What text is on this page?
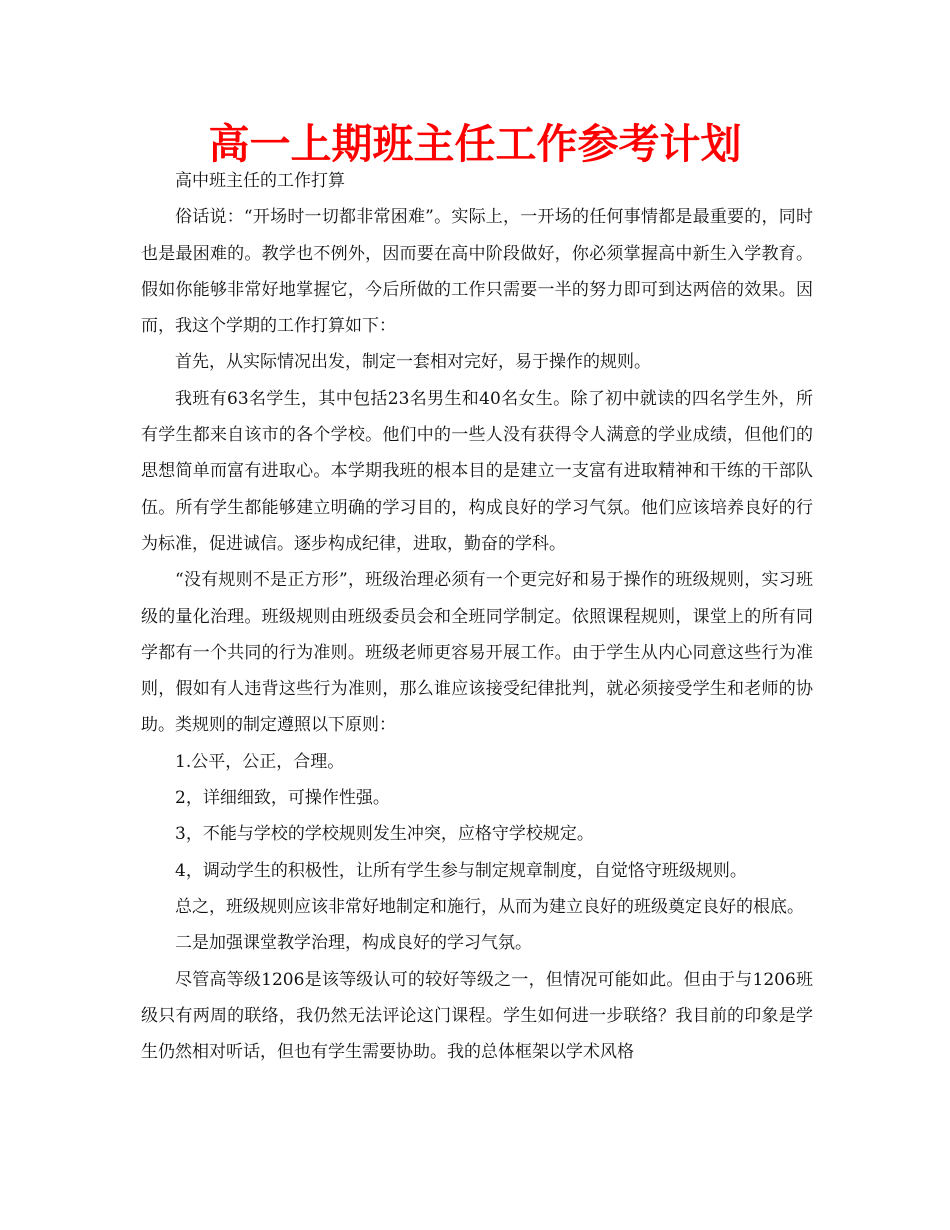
高一上期班主任工作参考计划

高中班主任的工作打算

俗话说：“开场时一切都非常困难”。实际上，一开场的任何事情都是最重要的，同时也是最困难的。教学也不例外，因而要在高中阶段做好，你必须掌握高中新生入学教育。假如你能够非常好地掌握它，今后所做的工作只需要一半的努力即可到达两倍的效果。因而，我这个学期的工作打算如下：

首先，从实际情况出发，制定一套相对完好，易于操作的规则。

我班有63名学生，其中包括23名男生和40名女生。除了初中就读的四名学生外，所有学生都来自该市的各个学校。他们中的一些人没有获得令人满意的学业成绩，但他们的思想简单而富有进取心。本学期我班的根本目的是建立一支富有进取精神和干练的干部队伍。所有学生都能够建立明确的学习目的，构成良好的学习气氛。他们应该培养良好的行为标准，促进诚信。逐步构成纪律，进取，勤奋的学科。

“没有规则不是正方形”，班级治理必须有一个更完好和易于操作的班级规则，实习班级的量化治理。班级规则由班级委员会和全班同学制定。依照课程规则，课堂上的所有同学都有一个共同的行为准则。班级老师更容易开展工作。由于学生从内心同意这些行为准则，假如有人违背这些行为准则，那么谁应该接受纪律批判，就必须接受学生和老师的协助。类规则的制定遵照以下原则：

1.公平，公正，合理。

2，详细细致，可操作性强。

3，不能与学校的学校规则发生冲突，应格守学校规定。

4，调动学生的积极性，让所有学生参与制定规章制度，自觉恪守班级规则。

总之，班级规则应该非常好地制定和施行，从而为建立良好的班级奠定良好的根底。

二是加强课堂教学治理，构成良好的学习气氛。

尽管高等级1206是该等级认可的较好等级之一，但情况可能如此。但由于与1206班级只有两周的联络，我仍然无法评论这门课程。学生如何进一步联络？我目前的印象是学生仍然相对听话，但也有学生需要协助。我的总体框架以学术风格
